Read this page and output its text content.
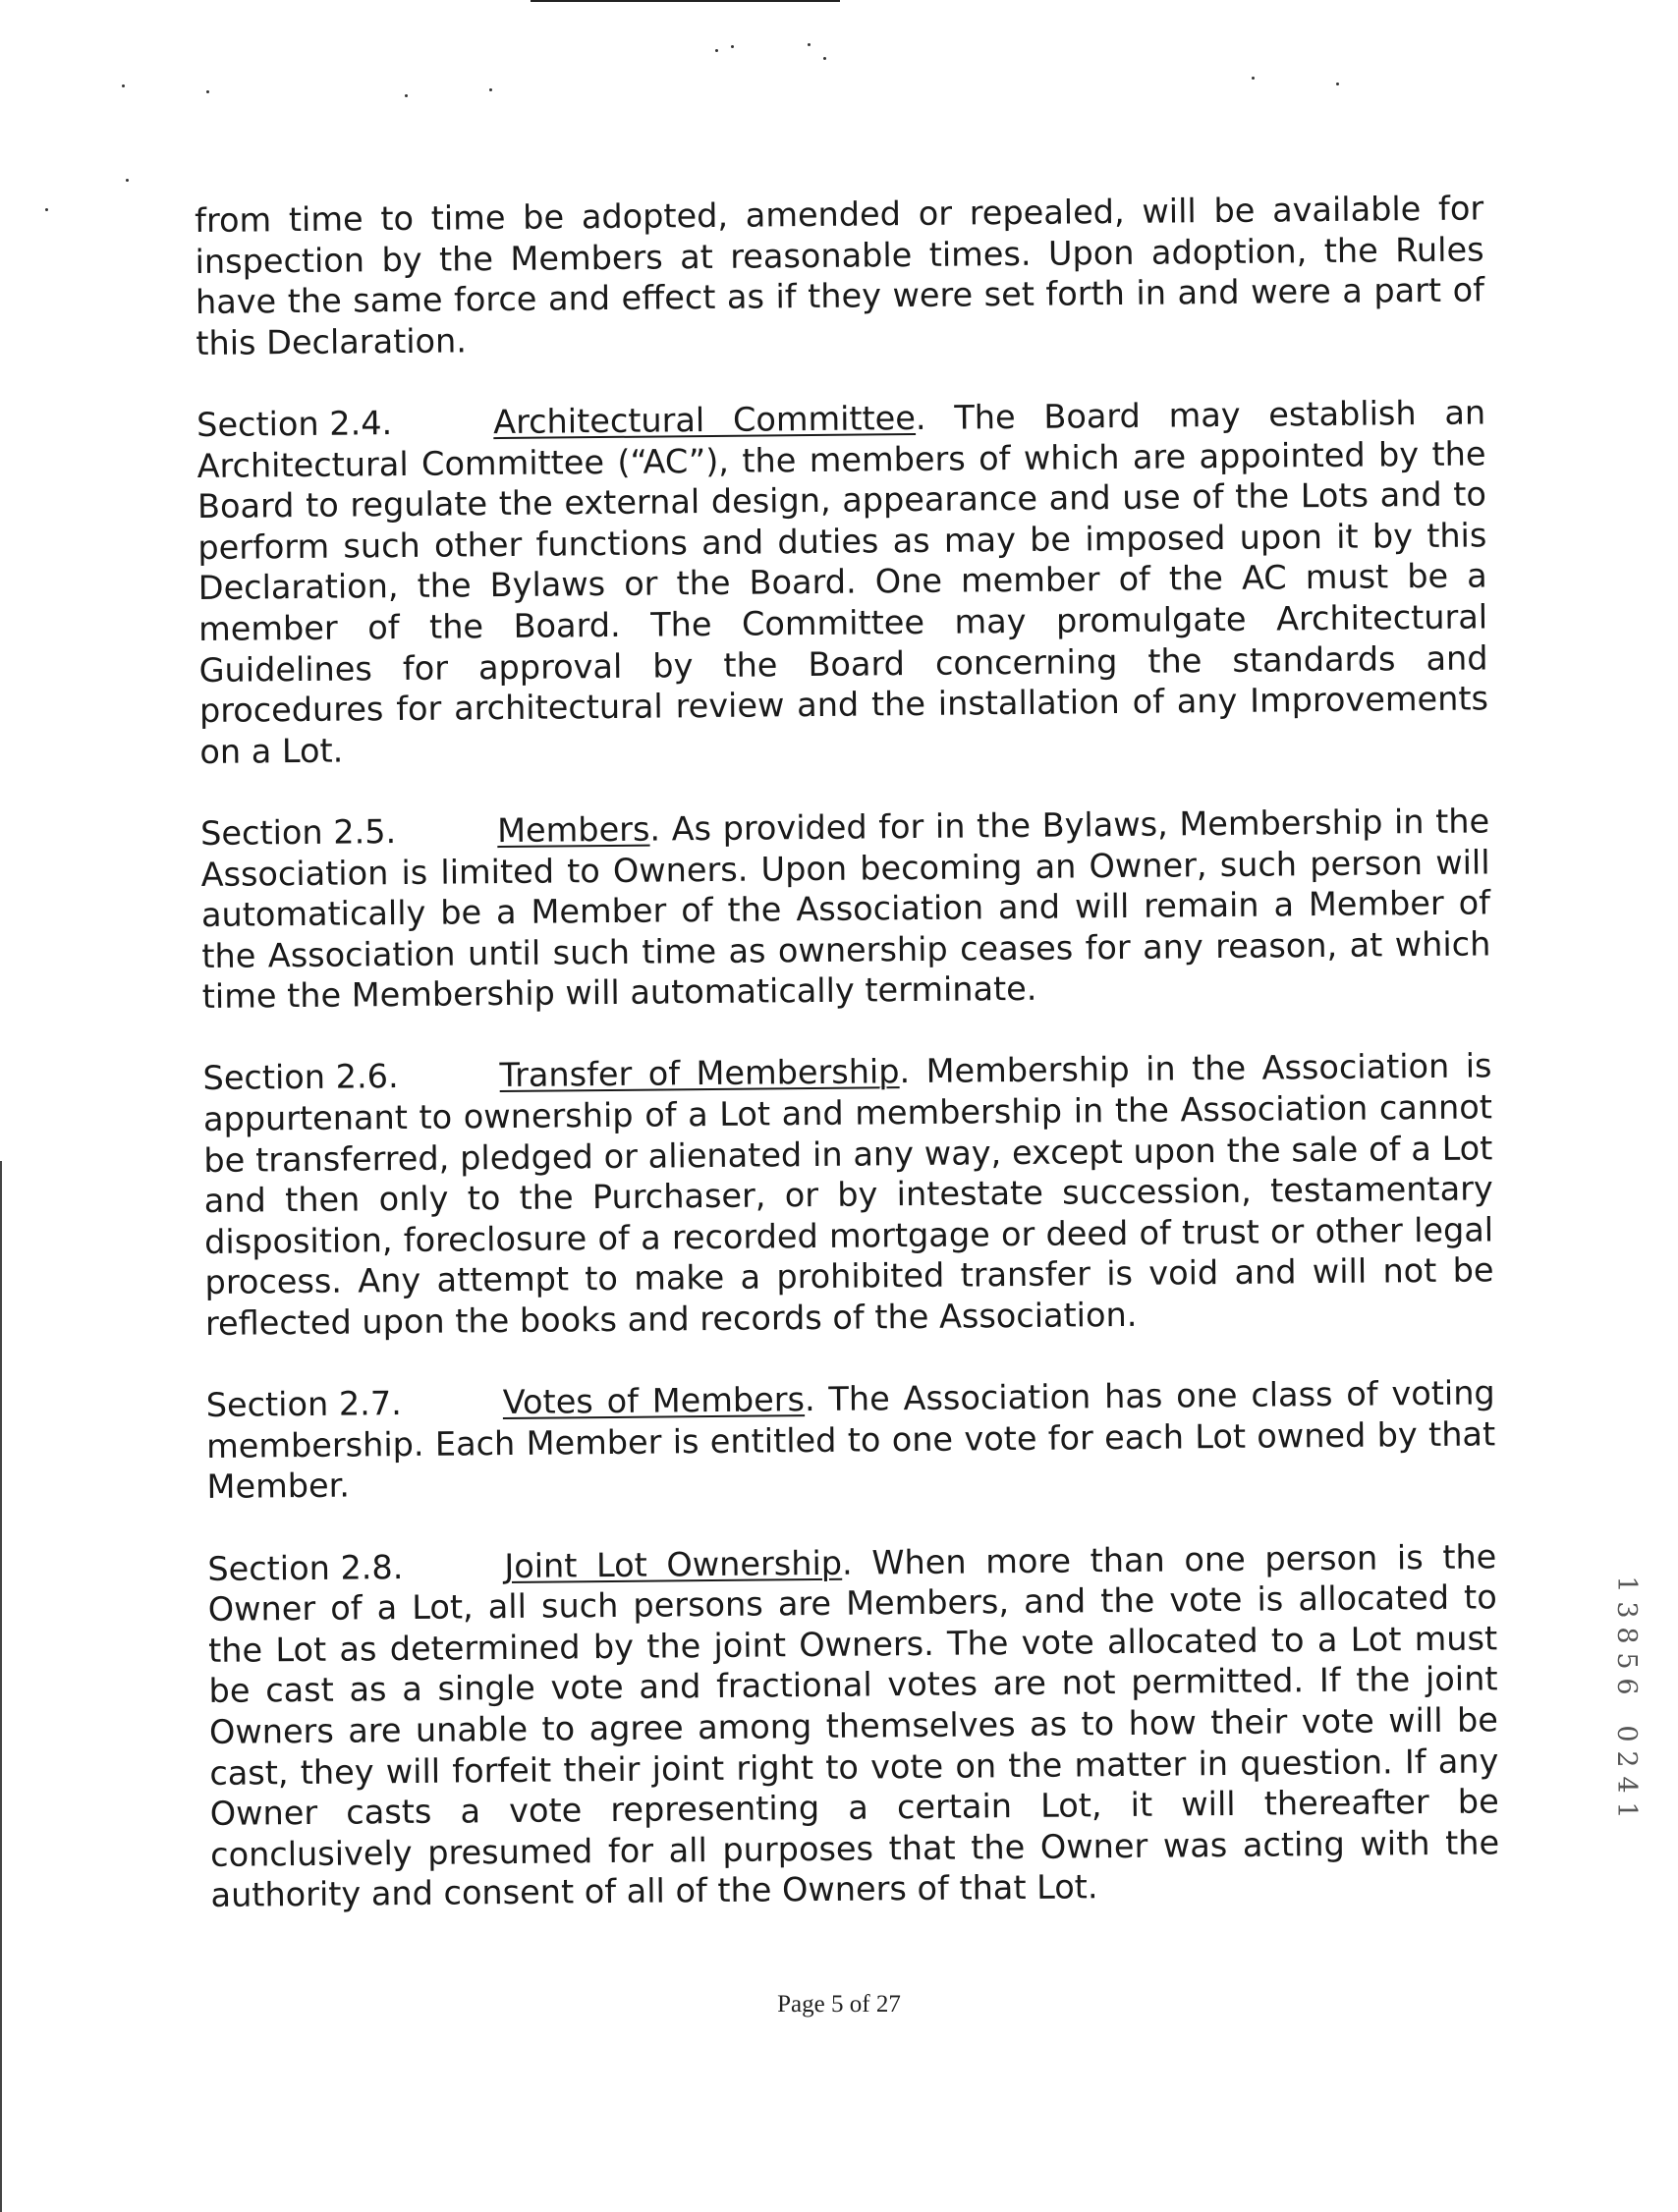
from time to time be adopted, amended or repealed, will be available for inspection by the Members at reasonable times. Upon adoption, the Rules have the same force and effect as if they were set forth in and were a part of this Declaration.

Section 2.4.	Architectural Committee. The Board may establish an Architectural Committee (“AC”), the members of which are appointed by the Board to regulate the external design, appearance and use of the Lots and to perform such other functions and duties as may be imposed upon it by this Declaration, the Bylaws or the Board. One member of the AC must be a member of the Board. The Committee may promulgate Architectural Guidelines for approval by the Board concerning the standards and procedures for architectural review and the installation of any Improvements on a Lot.

Section 2.5.	Members. As provided for in the Bylaws, Membership in the Association is limited to Owners. Upon becoming an Owner, such person will automatically be a Member of the Association and will remain a Member of the Association until such time as ownership ceases for any reason, at which time the Membership will automatically terminate.

Section 2.6.	Transfer of Membership. Membership in the Association is appurtenant to ownership of a Lot and membership in the Association cannot be transferred, pledged or alienated in any way, except upon the sale of a Lot and then only to the Purchaser, or by intestate succession, testamentary disposition, foreclosure of a recorded mortgage or deed of trust or other legal process. Any attempt to make a prohibited transfer is void and will not be reflected upon the books and records of the Association.

Section 2.7.	Votes of Members. The Association has one class of voting membership. Each Member is entitled to one vote for each Lot owned by that Member.

Section 2.8.	Joint Lot Ownership. When more than one person is the Owner of a Lot, all such persons are Members, and the vote is allocated to the Lot as determined by the joint Owners. The vote allocated to a Lot must be cast as a single vote and fractional votes are not permitted. If the joint Owners are unable to agree among themselves as to how their vote will be cast, they will forfeit their joint right to vote on the matter in question. If any Owner casts a vote representing a certain Lot, it will thereafter be conclusively presumed for all purposes that the Owner was acting with the authority and consent of all of the Owners of that Lot.

1
3
8
5
6
0
2
4
1
Page 5 of 27
